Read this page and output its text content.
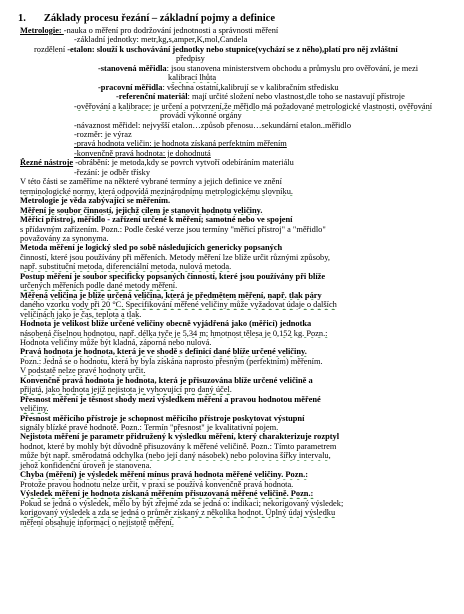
1. Základy procesu řezání – základní pojmy a definice
Metrologie: -nauka o měření pro dodržování jednotnosti a správnosti měření
-základní jednotky: metr,kg,s,amper,K,mol,Candela
rozdělení -etalon: slouží k uschovávání jednotky nebo stupnice(vychází se z něho),platí pro něj zvláštní
předpisy
-stanovená měřidla: jsou stanovena ministerstvem obchodu a průmyslu pro ověřování, je mezi
kalibrací lhůta
-pracovní měřidla: všechna ostatní,kalibrují se v kalibračním středisku
-referenční materiál: mají určité složení nebo vlastnost,dle toho se nastavují přístroje
-ověřování a kalibrace: je určení a potvrzení,že měřidlo má požadované metrologické vlastnosti, ověřování
provádí výkonné orgány
-návaznost měřidel: nejvyšší etalon…způsob přenosu…sekundární etalon..měřidlo
-rozměr: je výraz
-pravá hodnota veličin: je hodnota získaná perfektním měřením
-konvenčně pravá hodnota: je dohodnutá
Řezné nástroje -obrábění: je metoda,kdy se povrch vytvoří odebíráním materiálu
-řezání: je odběr třísky
V této části se zaměříme na některé vybrané termíny a jejich definice ve znění
terminologické normy, která odpovídá mezinárodnímu metrologickému slovníku.
Metrologie je věda zabývající se měřením.
Měření je soubor činností, jejichž cílem je stanovit hodnotu veličiny.
Měřicí přístroj, měřidlo - zařízení určené k měření; samotné nebo ve spojení
s přídavným zařízením. Pozn.: Podle české verze jsou termíny "měřicí přístroj" a "měřidlo"
považovány za synonyma.
Metoda měření je logický sled po sobě následujících genericky popsaných
činností, které jsou používány při měřeních. Metody měření lze blíže určit různými způsoby,
např. substituční metoda, diferenciální metoda, nulová metoda.
Postup měření je soubor specificky popsaných činností, které jsou používány při blíže
určených měřeních podle dané metody měření.
Měřená veličina je blíže určená veličina, která je předmětem měření, např. tlak páry
daného vzorku vody při 20 °C. Specifikování měřené veličiny může vyžadovat údaje o dalších
veličinách jako je čas, teplota a tlak.
Hodnota je velikost blíže určené veličiny obecně vyjádřená jako (měřicí) jednotka
násobená číselnou hodnotou, např. délka tyče je 5,34 m; hmotnost tělesa je 0,152 kg. Pozn.:
Hodnota veličiny může být kladná, záporná nebo nulová.
Pravá hodnota je hodnota, která je ve shodě s definicí dané blíže určené veličiny.
Pozn.: Jedná se o hodnotu, která by byla získána naprosto přesným (perfektním) měřením.
V podstatě nelze pravé hodnoty určit.
Konvenčně pravá hodnota je hodnota, která je přisuzována blíže určené veličině a
přijatá, jako hodnota jejíž nejistota je vyhovující pro daný účel.
Přesnost měření je těsnost shody mezi výsledkem měření a pravou hodnotou měřené
veličiny.
Přesnost měřicího přístroje je schopnost měřicího přístroje poskytovat výstupní
signály blízké pravé hodnotě. Pozn.: Termín "přesnost" je kvalitativní pojem.
Nejistota měření je parametr přidružený k výsledku měření, který charakterizuje rozptyl
hodnot, které by mohly být důvodně přisuzovány k měřené veličině. Pozn.: Tímto parametrem
může být např. směrodatná odchylka (nebo její daný násobek) nebo polovina šířky intervalu,
jehož konfidenční úroveň je stanovena.
Chyba (měření) je výsledek měření mínus pravá hodnota měřené veličiny. Pozn.:
Protože pravou hodnotu nelze určit, v praxi se používá konvenčně pravá hodnota.
Výsledek měření je hodnota získaná měřením přisuzovaná měřené veličině. Pozn.:
Pokud se jedná o výsledek, mělo by být zřejmé zda se jedná o: indikaci; nekorigovaný výsledek;
korigovaný výsledek a zda se jedná o průměr získaný z několika hodnot. Úplný údaj výsledku
měření obsahuje informaci o nejistotě měření.
